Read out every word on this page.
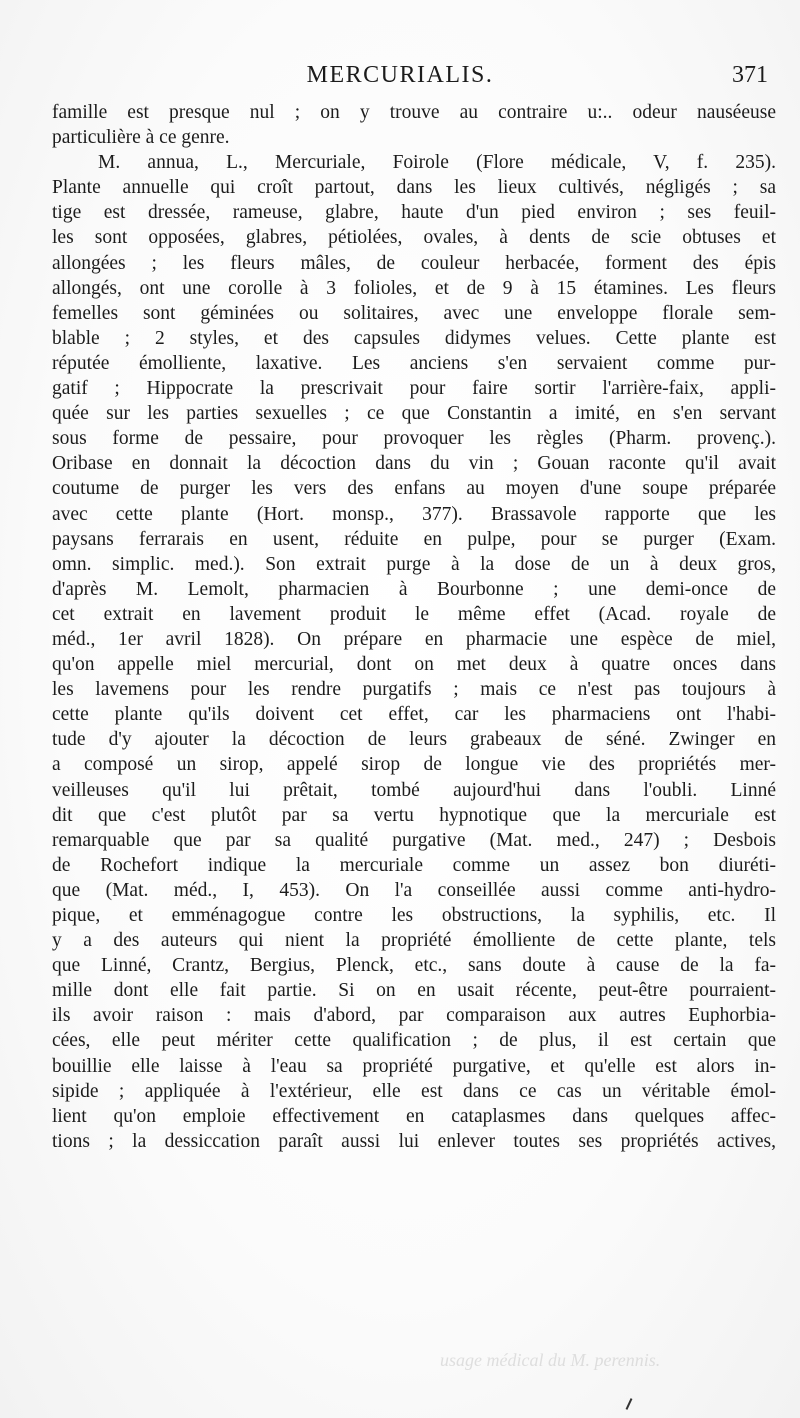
MERCURIALIS.	371
famille est presque nul ; on y trouve au contraire u:.. odeur nauséeuse
particulière à ce genre.
M. annua, L., Mercuriale, Foirole (Flore médicale, V, f. 235).
Plante annuelle qui croît partout, dans les lieux cultivés, négligés ; sa
tige est dressée, rameuse, glabre, haute d'un pied environ ; ses feuil-
les sont opposées, glabres, pétiolées, ovales, à dents de scie obtuses et
allongées ; les fleurs mâles, de couleur herbacée, forment des épis
allongés, ont une corolle à 3 folioles, et de 9 à 15 étamines. Les fleurs
femelles sont géminées ou solitaires, avec une enveloppe florale sem-
blable ; 2 styles, et des capsules didymes velues. Cette plante est
réputée émolliente, laxative. Les anciens s'en servaient comme pur-
gatif ; Hippocrate la prescrivait pour faire sortir l'arrière-faix, appli-
quée sur les parties sexuelles ; ce que Constantin a imité, en s'en servant
sous forme de pessaire, pour provoquer les règles (Pharm. provenç.).
Oribase en donnait la décoction dans du vin ; Gouan raconte qu'il avait
coutume de purger les vers des enfans au moyen d'une soupe préparée
avec cette plante (Hort. monsp., 377). Brassavole rapporte que les
paysans ferrarais en usent, réduite en pulpe, pour se purger (Exam.
omn. simplic. med.). Son extrait purge à la dose de un à deux gros,
d'après M. Lemolt, pharmacien à Bourbonne ; une demi-once de
cet extrait en lavement produit le même effet (Acad. royale de
méd., 1er avril 1828). On prépare en pharmacie une espèce de miel,
qu'on appelle miel mercurial, dont on met deux à quatre onces dans
les lavemens pour les rendre purgatifs ; mais ce n'est pas toujours à
cette plante qu'ils doivent cet effet, car les pharmaciens ont l'habi-
tude d'y ajouter la décoction de leurs grabeaux de séné. Zwinger en
a composé un sirop, appelé sirop de longue vie des propriétés mer-
veilleuses qu'il lui prêtait, tombé aujourd'hui dans l'oubli. Linné
dit que c'est plutôt par sa vertu hypnotique que la mercuriale est
remarquable que par sa qualité purgative (Mat. med., 247) ; Desbois
de Rochefort indique la mercuriale comme un assez bon diuréti-
que (Mat. méd., I, 453). On l'a conseillée aussi comme anti-hydro-
pique, et emménagogue contre les obstructions, la syphilis, etc. Il
y a des auteurs qui nient la propriété émolliente de cette plante, tels
que Linné, Crantz, Bergius, Plenck, etc., sans doute à cause de la fa-
mille dont elle fait partie. Si on en usait récente, peut-être pourraient-
ils avoir raison : mais d'abord, par comparaison aux autres Euphorbia-
cées, elle peut mériter cette qualification ; de plus, il est certain que
bouillie elle laisse à l'eau sa propriété purgative, et qu'elle est alors in-
sipide ; appliquée à l'extérieur, elle est dans ce cas un véritable émol-
lient qu'on emploie effectivement en cataplasmes dans quelques affec-
tions ; la dessiccation paraît aussi lui enlever toutes ses propriétés actives,
usage médical du M. perennis.
